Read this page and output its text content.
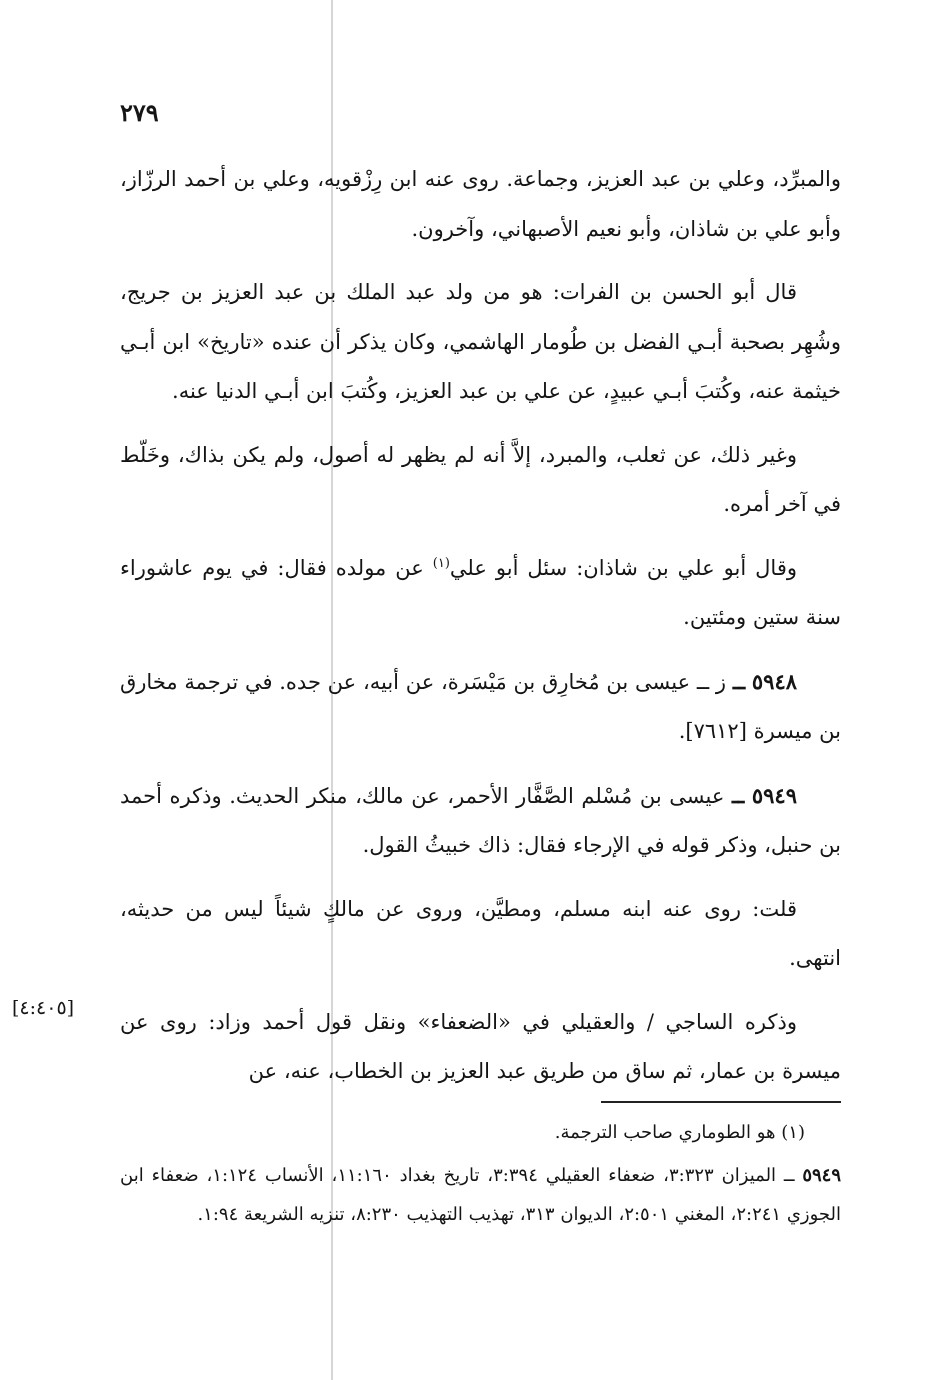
٢٧٩

والمبرِّد، وعلي بن عبد العزيز، وجماعة. روى عنه ابن رِزْقويه، وعلي بن أحمد الرزّاز، وأبو علي بن شاذان، وأبو نعيم الأصبهاني، وآخرون.

قال أبو الحسن بن الفرات: هو من ولد عبد الملك بن عبد العزيز بن جريج، وشُهِر بصحبة أبـي الفضل بن طُومار الهاشمي، وكان يذكر أن عنده «تاريخ» ابن أبـي خيثمة عنه، وكُتبَ أبـي عبيدٍ، عن علي بن عبد العزيز، وكُتبَ ابن أبـي الدنيا عنه.

وغير ذلك، عن ثعلب، والمبرد، إلاَّ أنه لم يظهر له أصول، ولم يكن بذاك، وخَلّط في آخر أمره.

وقال أبو علي بن شاذان: سئل أبو علي$^{(١)}$ عن مولده فقال: في يوم عاشوراء سنة ستين ومئتين.

٥٩٤٨ ــ ز ــ عيسى بن مُخارِق بن مَيْسَرة، عن أبيه، عن جده. في ترجمة مخارق بن ميسرة [٧٦١٢].

٥٩٤٩ ــ عيسى بن مُسْلم الصَّفَّار الأحمر، عن مالك، منكر الحديث. وذكره أحمد بن حنبل، وذكر قوله في الإرجاء فقال: ذاك خبيثُ القول.

قلت: روى عنه ابنه مسلم، ومطيَّن، وروى عن مالكٍ شيئاً ليس من حديثه، انتهى.

وذكره الساجي / والعقيلي في «الضعفاء» ونقل قول أحمد وزاد: روى عن ميسرة بن عمار، ثم ساق من طريق عبد العزيز بن الخطاب، عنه، عن

[٤:٤٠٥]

(١) هو الطوماري صاحب الترجمة.

٥٩٤٩ ــ الميزان ٣:٣٢٣، ضعفاء العقيلي ٣:٣٩٤، تاريخ بغداد ١١:١٦٠، الأنساب ١:١٢٤، ضعفاء ابن الجوزي ٢:٢٤١، المغني ٢:٥٠١، الديوان ٣١٣، تهذيب التهذيب ٨:٢٣٠، تنزيه الشريعة ١:٩٤.
